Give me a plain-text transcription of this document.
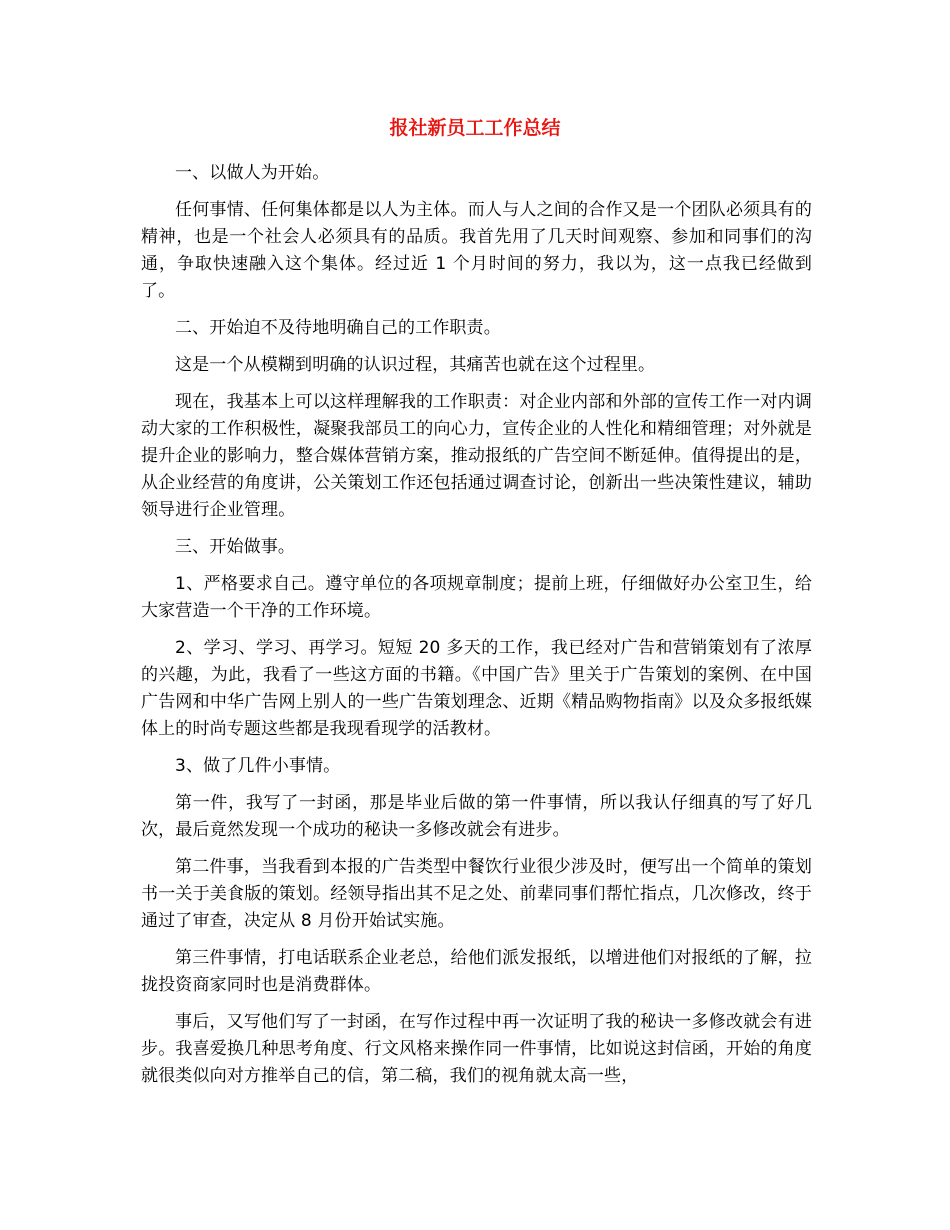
报社新员工工作总结

一、以做人为开始。

任何事情、任何集体都是以人为主体。而人与人之间的合作又是一个团队必须具有的精神，也是一个社会人必须具有的品质。我首先用了几天时间观察、参加和同事们的沟通，争取快速融入这个集体。经过近 1 个月时间的努力，我以为，这一点我已经做到了。

二、开始迫不及待地明确自己的工作职责。

这是一个从模糊到明确的认识过程，其痛苦也就在这个过程里。

现在，我基本上可以这样理解我的工作职责：对企业内部和外部的宣传工作一对内调动大家的工作积极性，凝聚我部员工的向心力，宣传企业的人性化和精细管理；对外就是提升企业的影响力，整合媒体营销方案，推动报纸的广告空间不断延伸。值得提出的是，从企业经营的角度讲，公关策划工作还包括通过调查讨论，创新出一些决策性建议，辅助领导进行企业管理。

三、开始做事。

1、严格要求自己。遵守单位的各项规章制度；提前上班，仔细做好办公室卫生，给大家营造一个干净的工作环境。

2、学习、学习、再学习。短短 20 多天的工作，我已经对广告和营销策划有了浓厚的兴趣，为此，我看了一些这方面的书籍。《中国广告》里关于广告策划的案例、在中国广告网和中华广告网上别人的一些广告策划理念、近期《精品购物指南》以及众多报纸媒体上的时尚专题这些都是我现看现学的活教材。

3、做了几件小事情。

第一件，我写了一封函，那是毕业后做的第一件事情，所以我认仔细真的写了好几次，最后竟然发现一个成功的秘诀一多修改就会有进步。

第二件事，当我看到本报的广告类型中餐饮行业很少涉及时，便写出一个简单的策划书一关于美食版的策划。经领导指出其不足之处、前辈同事们帮忙指点，几次修改，终于通过了审查，决定从 8 月份开始试实施。

第三件事情，打电话联系企业老总，给他们派发报纸，以增进他们对报纸的了解，拉拢投资商家同时也是消费群体。

事后，又写他们写了一封函，在写作过程中再一次证明了我的秘诀一多修改就会有进步。我喜爱换几种思考角度、行文风格来操作同一件事情，比如说这封信函，开始的角度就很类似向对方推举自己的信，第二稿，我们的视角就太高一些，
